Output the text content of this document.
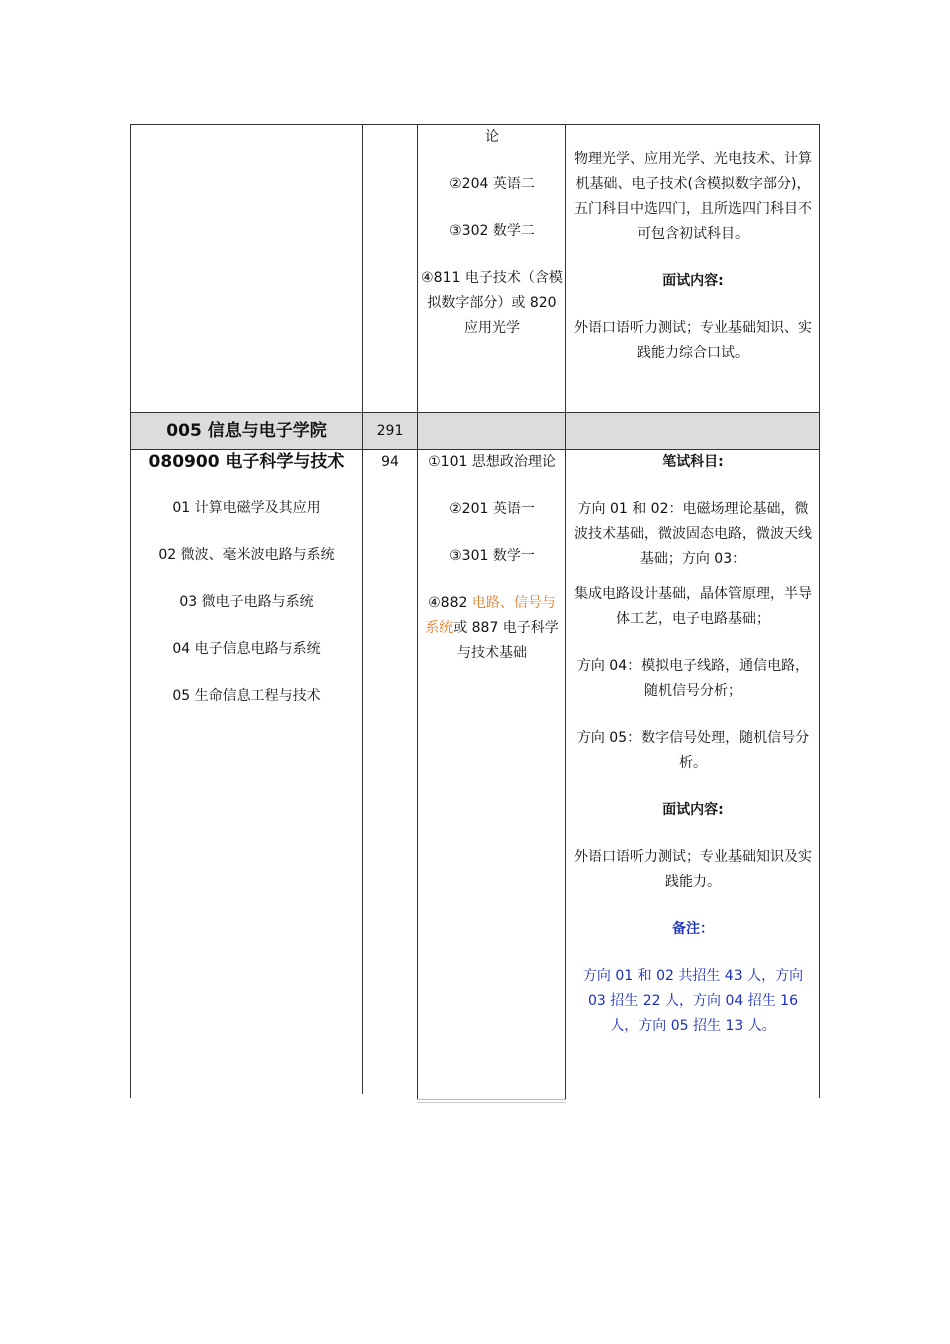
论

②204 英语二

③302 数学二

④811 电子技术（含模拟数字部分）或 820 应用光学

物理光学、应用光学、光电技术、计算机基础、电子技术(含模拟数字部分)，五门科目中选四门，且所选四门科目不可包含初试科目。

面试内容:

外语口语听力测试；专业基础知识、实践能力综合口试。

005 信息与电子学院	291

080900 电子科学与技术

01 计算电磁学及其应用

02 微波、毫米波电路与系统

03 微电子电路与系统

04 电子信息电路与系统

05 生命信息工程与技术

94	①101 思想政治理论

②201 英语一

③301 数学一

④882 电路、信号与系统或 887 电子科学与技术基础

笔试科目:

方向 01 和 02：电磁场理论基础，微波技术基础，微波固态电路，微波天线基础；方向 03：

集成电路设计基础，晶体管原理，半导体工艺，电子电路基础；

方向 04：模拟电子线路，通信电路，随机信号分析；

方向 05：数字信号处理，随机信号分析。

面试内容:

外语口语听力测试；专业基础知识及实践能力。

备注：

方向 01 和 02 共招生 43 人，方向 03 招生 22 人，方向 04 招生 16 人，方向 05 招生 13 人。
